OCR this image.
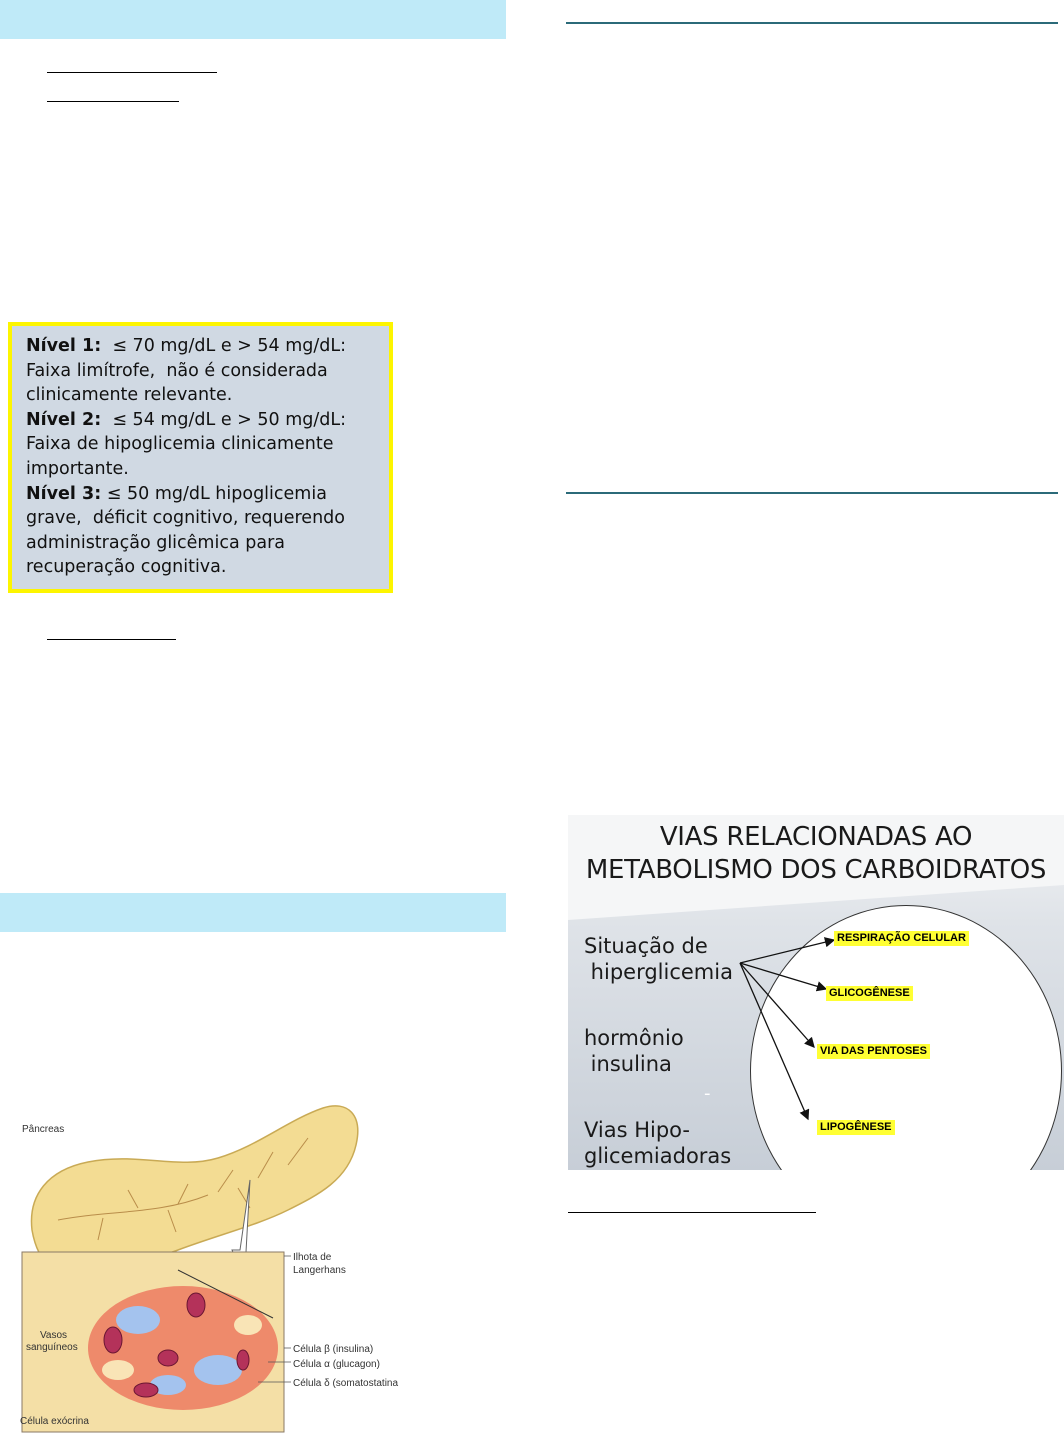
Nível 1: ≤ 70 mg/dL e > 54 mg/dL:
Faixa limítrofe,  não é considerada
clinicamente relevante.
Nível 2: ≤ 54 mg/dL e > 50 mg/dL:
Faixa de hipoglicemia clinicamente
importante.
Nível 3: ≤ 50 mg/dL hipoglicemia
grave,  déficit cognitivo, requerendo
administração glicêmica para
recuperação cognitiva.
Pâncreas
Ilhota de
Langerhans
Vasos
sanguíneos	Célula β (insulina)
Célula α (glucagon)
Célula δ (somatostatina
Célula exócrina
VIAS RELACIONADAS AO
METABOLISMO DOS CARBOIDRATOS
Situação de
hiperglicemia
hormônio
insulina
-
Vias Hipo-
glicemiadoras
RESPIRAÇÃO CELULAR
GLICOGÊNESE
VIA DAS PENTOSES
LIPOGÊNESE
